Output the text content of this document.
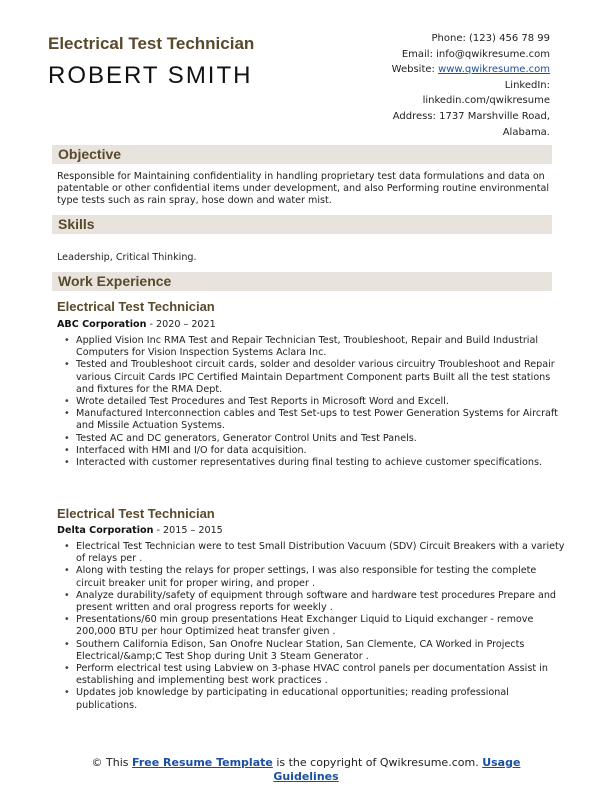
Electrical Test Technician
ROBERT SMITH
Phone: (123) 456 78 99
Email: info@qwikresume.com
Website: www.qwikresume.com
LinkedIn:
linkedin.com/qwikresume
Address: 1737 Marshville Road,
Alabama.
Objective
Responsible for Maintaining confidentiality in handling proprietary test data formulations and data on patentable or other confidential items under development, and also Performing routine environmental type tests such as rain spray, hose down and water mist.
Skills
Leadership, Critical Thinking.
Work Experience
Electrical Test Technician
ABC Corporation - 2020 – 2021
• Applied Vision Inc RMA Test and Repair Technician Test, Troubleshoot, Repair and Build Industrial Computers for Vision Inspection Systems Aclara Inc.
• Tested and Troubleshoot circuit cards, solder and desolder various circuitry Troubleshoot and Repair various Circuit Cards IPC Certified Maintain Department Component parts Built all the test stations and fixtures for the RMA Dept.
• Wrote detailed Test Procedures and Test Reports in Microsoft Word and Excell.
• Manufactured Interconnection cables and Test Set-ups to test Power Generation Systems for Aircraft and Missile Actuation Systems.
• Tested AC and DC generators, Generator Control Units and Test Panels.
• Interfaced with HMI and I/O for data acquisition.
• Interacted with customer representatives during final testing to achieve customer specifications.
Electrical Test Technician
Delta Corporation - 2015 – 2015
• Electrical Test Technician were to test Small Distribution Vacuum (SDV) Circuit Breakers with a variety of relays per .
• Along with testing the relays for proper settings, I was also responsible for testing the complete circuit breaker unit for proper wiring, and proper .
• Analyze durability/safety of equipment through software and hardware test procedures Prepare and present written and oral progress reports for weekly .
• Presentations/60 min group presentations Heat Exchanger Liquid to Liquid exchanger - remove 200,000 BTU per hour Optimized heat transfer given .
• Southern California Edison, San Onofre Nuclear Station, San Clemente, CA Worked in Projects Electrical/&amp;C Test Shop during Unit 3 Steam Generator .
• Perform electrical test using Labview on 3-phase HVAC control panels per documentation Assist in establishing and implementing best work practices .
• Updates job knowledge by participating in educational opportunities; reading professional publications.
© This Free Resume Template is the copyright of Qwikresume.com. Usage
Guidelines
